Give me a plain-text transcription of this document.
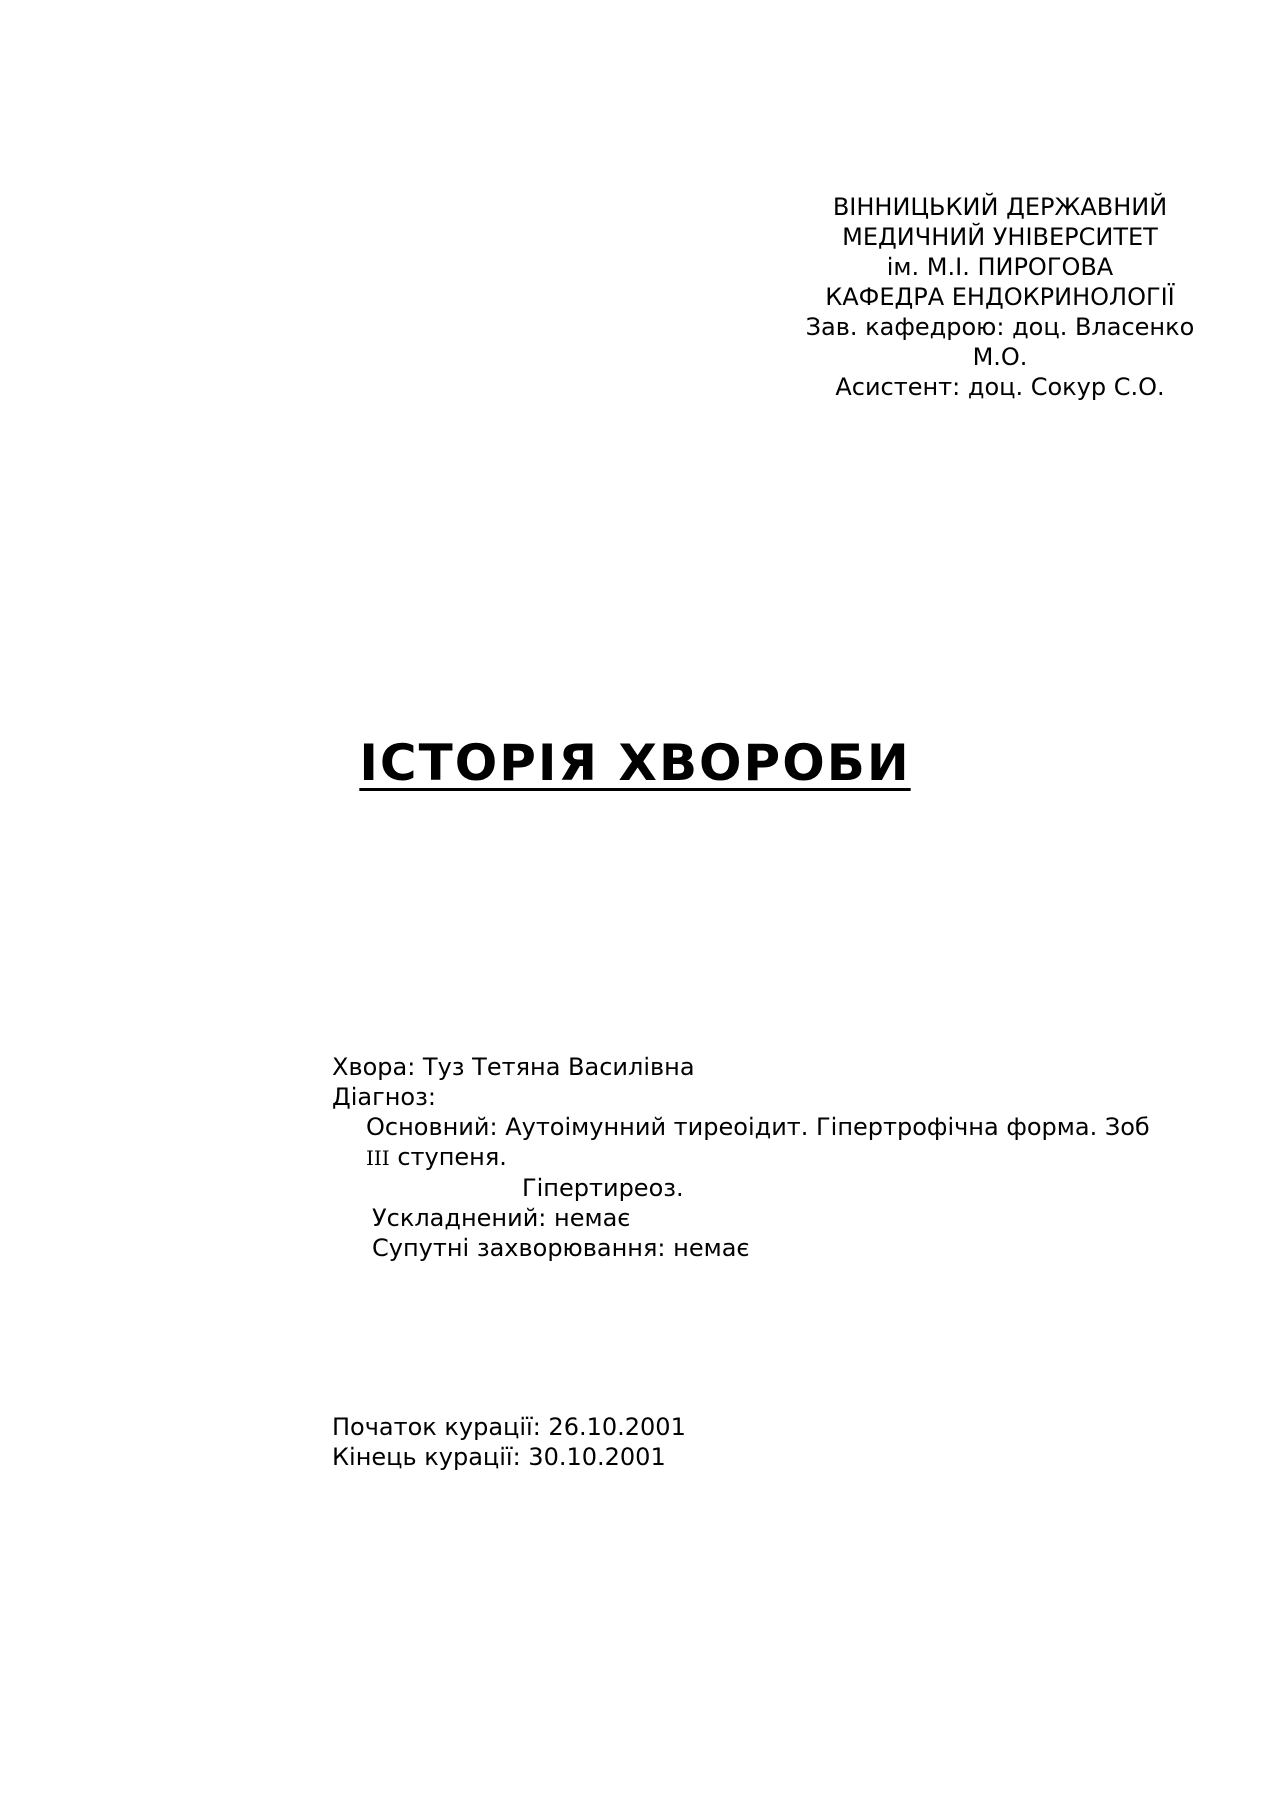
ВІННИЦЬКИЙ ДЕРЖАВНИЙ
МЕДИЧНИЙ УНІВЕРСИТЕТ
ім. М.І. ПИРОГОВА
КАФЕДРА ЕНДОКРИНОЛОГІЇ
Зав. кафедрою: доц. Власенко
М.О.
Асистент: доц. Сокур С.О.
ІСТОРІЯ ХВОРОБИ
Хвора: Туз Тетяна Василівна
Діагноз:
Основний: Аутоімунний тиреоідит. Гіпертрофічна форма. Зоб
III ступеня.
Гіпертиреоз.
Ускладнений: немає
Супутні захворювання: немає
Початок курації: 26.10.2001
Кінець курації: 30.10.2001
